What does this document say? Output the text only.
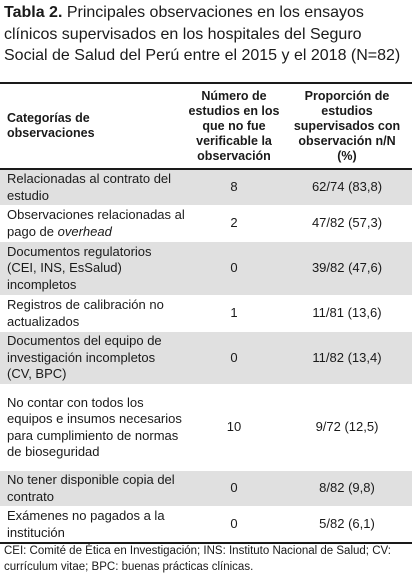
Tabla 2. Principales observaciones en los ensayos clínicos supervisados en los hospitales del Seguro Social de Salud del Perú entre el 2015 y el 2018 (N=82)

Categorías de observaciones	Número de estudios en los que no fue verificable la observación	Proporción de estudios supervisados con observación n/N (%)

Relacionadas al contrato del estudio	8	62/74 (83,8)
Observaciones relacionadas al pago de overhead	2	47/82 (57,3)

Documentos regulatorios (CEI, INS, EsSalud) incompletos	0	39/82 (47,6)
Registros de calibración no actualizados	1	11/81 (13,6)

Documentos del equipo de investigación incompletos (CV, BPC)	0	11/82 (13,4)

No contar con todos los equipos e insumos necesarios para cumplimiento de normas de bioseguridad	10	9/72 (12,5)

No tener disponible copia del contrato	0	8/82 (9,8)

Exámenes no pagados a la institución	0	5/82 (6,1)

CEI: Comité de Ética en Investigación; INS: Instituto Nacional de Salud; CV: currículum vitae; BPC: buenas prácticas clínicas.
